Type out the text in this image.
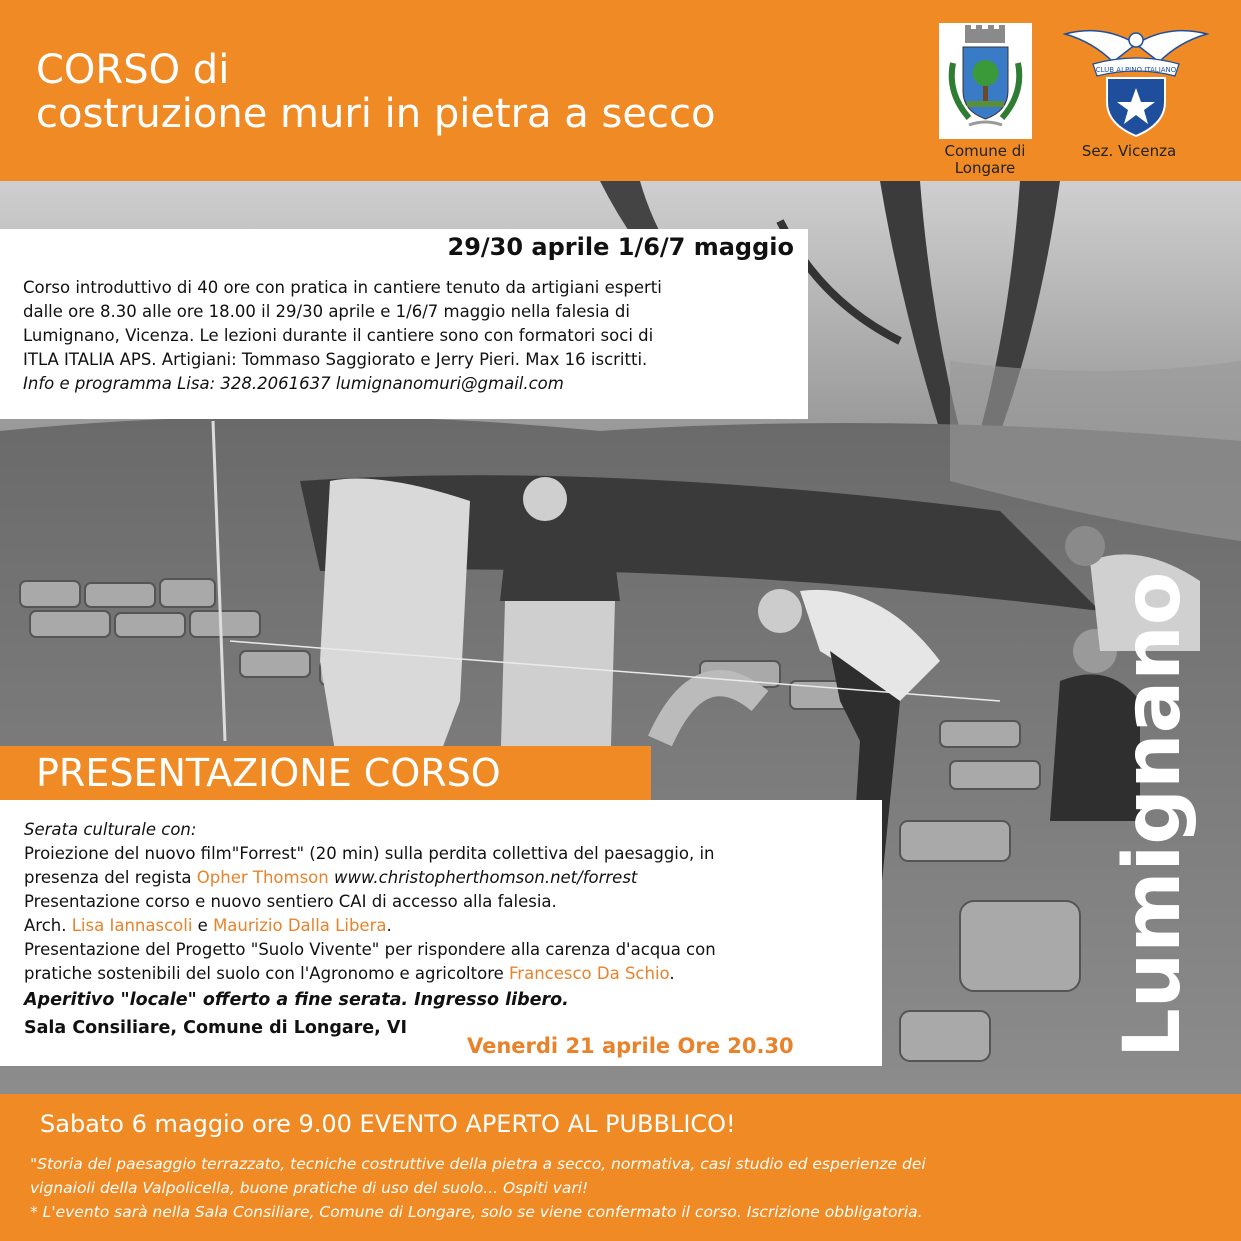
CORSO di
costruzione muri in pietra a secco
Comune di
Longare
CLUB ALPINO ITALIANO
Sez. Vicenza
29/30 aprile 1/6/7 maggio
Corso introduttivo di 40 ore con pratica in cantiere tenuto da artigiani esperti
dalle ore 8.30 alle ore 18.00 il 29/30 aprile e 1/6/7 maggio nella falesia di
Lumignano, Vicenza. Le lezioni durante il cantiere sono con formatori soci di
ITLA ITALIA APS. Artigiani: Tommaso Saggiorato e Jerry Pieri. Max 16 iscritti.
Info e programma Lisa: 328.2061637 lumignanomuri@gmail.com
PRESENTAZIONE CORSO
Serata culturale con:
Proiezione del nuovo film"Forrest" (20 min) sulla perdita collettiva del paesaggio, in
presenza del regista Opher Thomson www.christopherthomson.net/forrest
Presentazione corso e nuovo sentiero CAI di accesso alla falesia.
Arch. Lisa Iannascoli e Maurizio Dalla Libera.
Presentazione del Progetto "Suolo Vivente" per rispondere alla carenza d'acqua con
pratiche sostenibili del suolo con l'Agronomo e agricoltore Francesco Da Schio.
Aperitivo "locale" offerto a fine serata. Ingresso libero.
Sala Consiliare, Comune di Longare, VI
Venerdi 21 aprile Ore 20.30	Lumignano
Sabato 6 maggio ore 9.00 EVENTO APERTO AL PUBBLICO!
"Storia del paesaggio terrazzato, tecniche costruttive della pietra a secco, normativa, casi studio ed esperienze dei
vignaioli della Valpolicella, buone pratiche di uso del suolo... Ospiti vari!
* L'evento sarà nella Sala Consiliare, Comune di Longare, solo se viene confermato il corso. Iscrizione obbligatoria.
